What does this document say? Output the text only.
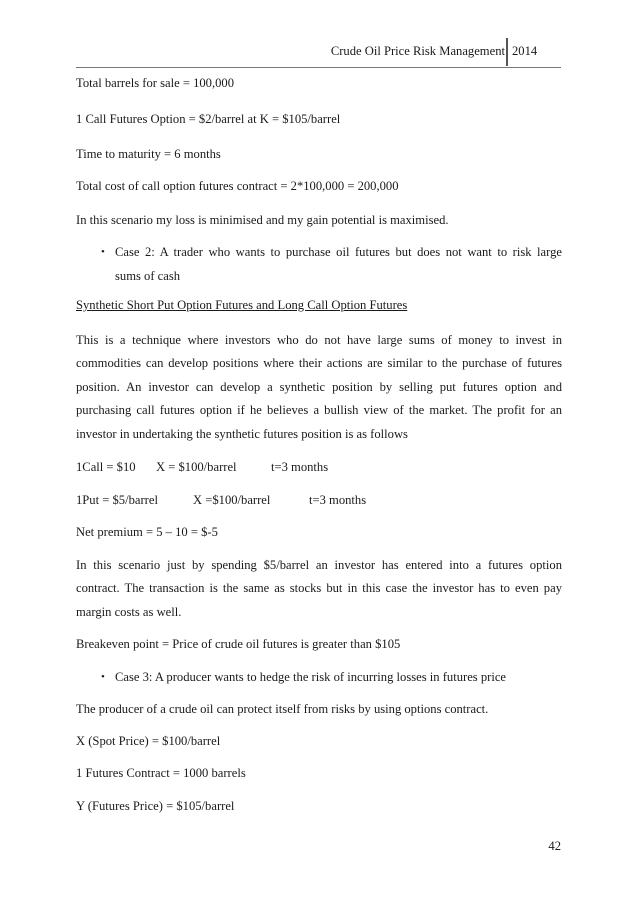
Crude Oil Price Risk Management 2014
Total barrels for sale = 100,000
1 Call Futures Option = $2/barrel at K = $105/barrel
Time to maturity = 6 months
Total cost of call option futures contract = 2*100,000 = 200,000
In this scenario my loss is minimised and my gain potential is maximised.
• Case 2: A trader who wants to purchase oil futures but does not want to risk large
sums of cash
Synthetic Short Put Option Futures and Long Call Option Futures
This is a technique where investors who do not have large sums of money to invest in
commodities can develop positions where their actions are similar to the purchase of futures
position. An investor can develop a synthetic position by selling put futures option and
purchasing call futures option if he believes a bullish view of the market. The profit for an
investor in undertaking the synthetic futures position is as follows
1Call = $10 X = $100/barrel	t=3 months
1Put = $5/barrel	X =$100/barrel	t=3 months
Net premium = 5 – 10 = $-5
In this scenario just by spending $5/barrel an investor has entered into a futures option
contract. The transaction is the same as stocks but in this case the investor has to even pay
margin costs as well.
Breakeven point = Price of crude oil futures is greater than $105
• Case 3: A producer wants to hedge the risk of incurring losses in futures price
The producer of a crude oil can protect itself from risks by using options contract.
X (Spot Price) = $100/barrel
1 Futures Contract = 1000 barrels
Y (Futures Price) = $105/barrel
42
